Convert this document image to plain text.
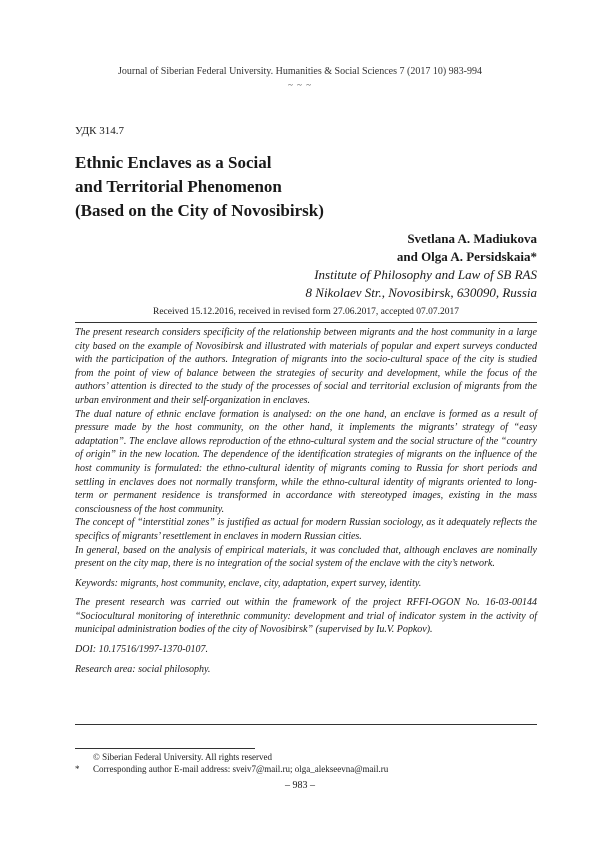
Journal of Siberian Federal University. Humanities & Social Sciences 7 (2017 10) 983-994
~ ~ ~
УДК 314.7
Ethnic Enclaves as a Social
and Territorial Phenomenon
(Based on the City of Novosibirsk)
Svetlana A. Madiukova
and Olga A. Persidskaia*
Institute of Philosophy and Law of SB RAS
8 Nikolaev Str., Novosibirsk, 630090, Russia
Received 15.12.2016, received in revised form 27.06.2017, accepted 07.07.2017

The present research considers specificity of the relationship between migrants and the host community in a large city based on the example of Novosibirsk and illustrated with materials of popular and expert surveys conducted with the participation of the authors. Integration of migrants into the socio-cultural space of the city is studied from the point of view of balance between the strategies of security and development, while the focus of the authors’ attention is directed to the study of the processes of social and territorial exclusion of migrants from the urban environment and their self-organization in enclaves.

The dual nature of ethnic enclave formation is analysed: on the one hand, an enclave is formed as a result of pressure made by the host community, on the other hand, it implements the migrants’ strategy of “easy adaptation”. The enclave allows reproduction of the ethno-cultural system and the social structure of the “country of origin” in the new location. The dependence of the identification strategies of migrants on the influence of the host community is formulated: the ethno-cultural identity of migrants coming to Russia for short periods and settling in enclaves does not normally transform, while the ethno-cultural identity of migrants oriented to long-term or permanent residence is transformed in accordance with stereotyped images, existing in the mass consciousness of the host community.

The concept of “interstitial zones” is justified as actual for modern Russian sociology, as it adequately reflects the specifics of migrants’ resettlement in enclaves in modern Russian cities.

In general, based on the analysis of empirical materials, it was concluded that, although enclaves are nominally present on the city map, there is no integration of the social system of the enclave with the city’s network.

Keywords: migrants, host community, enclave, city, adaptation, expert survey, identity.

The present research was carried out within the framework of the project RFFI-OGON No. 16-03-00144 “Sociocultural monitoring of interethnic community: development and trial of indicator system in the activity of municipal administration bodies of the city of Novosibirsk” (supervised by Iu.V. Popkov).

DOI: 10.17516/1997-1370-0107.

Research area: social philosophy.

© Siberian Federal University. All rights reserved
*	Corresponding author E-mail address: sveiv7@mail.ru; olga_alekseevna@mail.ru
– 983 –
